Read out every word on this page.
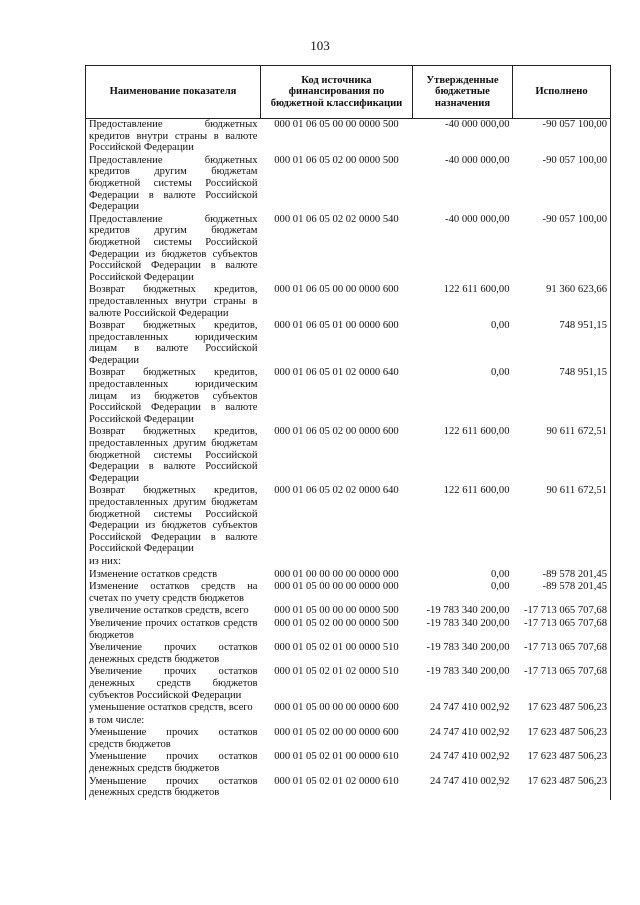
103
Наименование показателя	Код источника финансирования по бюджетной классификации	Утвержденные бюджетные назначения	Исполнено
Предоставление бюджетных кредитов внутри страны в валюте Российской Федерации	000 01 06 05 00 00 0000 500	-40 000 000,00	-90 057 100,00
Предоставление бюджетных кредитов другим бюджетам бюджетной системы Российской Федерации в валюте Российской Федерации	000 01 06 05 02 00 0000 500	-40 000 000,00	-90 057 100,00
Предоставление бюджетных кредитов другим бюджетам бюджетной системы Российской Федерации из бюджетов субъектов Российской Федерации в валюте Российской Федерации	000 01 06 05 02 02 0000 540	-40 000 000,00	-90 057 100,00
Возврат бюджетных кредитов, предоставленных внутри страны в валюте Российской Федерации	000 01 06 05 00 00 0000 600	122 611 600,00	91 360 623,66
Возврат бюджетных кредитов, предоставленных юридическим лицам в валюте Российской Федерации	000 01 06 05 01 00 0000 600	0,00	748 951,15
Возврат бюджетных кредитов, предоставленных юридическим лицам из бюджетов субъектов Российской Федерации в валюте Российской Федерации	000 01 06 05 01 02 0000 640	0,00	748 951,15
Возврат бюджетных кредитов, предоставленных другим бюджетам бюджетной системы Российской Федерации в валюте Российской Федерации	000 01 06 05 02 00 0000 600	122 611 600,00	90 611 672,51
Возврат бюджетных кредитов, предоставленных другим бюджетам бюджетной системы Российской Федерации из бюджетов субъектов Российской Федерации в валюте Российской Федерации	000 01 06 05 02 02 0000 640	122 611 600,00	90 611 672,51
из них:			
Изменение остатков средств	000 01 00 00 00 00 0000 000	0,00	-89 578 201,45
Изменение остатков средств на счетах по учету средств бюджетов	000 01 05 00 00 00 0000 000	0,00	-89 578 201,45
увеличение остатков средств, всего	000 01 05 00 00 00 0000 500	-19 783 340 200,00	-17 713 065 707,68
Увеличение прочих остатков средств бюджетов	000 01 05 02 00 00 0000 500	-19 783 340 200,00	-17 713 065 707,68
Увеличение прочих остатков денежных средств бюджетов	000 01 05 02 01 00 0000 510	-19 783 340 200,00	-17 713 065 707,68
Увеличение прочих остатков денежных средств бюджетов субъектов Российской Федерации	000 01 05 02 01 02 0000 510	-19 783 340 200,00	-17 713 065 707,68
уменьшение остатков средств, всего	000 01 05 00 00 00 0000 600	24 747 410 002,92	17 623 487 506,23
в том числе:			
Уменьшение прочих остатков средств бюджетов	000 01 05 02 00 00 0000 600	24 747 410 002,92	17 623 487 506,23
Уменьшение прочих остатков денежных средств бюджетов	000 01 05 02 01 00 0000 610	24 747 410 002,92	17 623 487 506,23
Уменьшение прочих остатков денежных средств бюджетов	000 01 05 02 01 02 0000 610	24 747 410 002,92	17 623 487 506,23
